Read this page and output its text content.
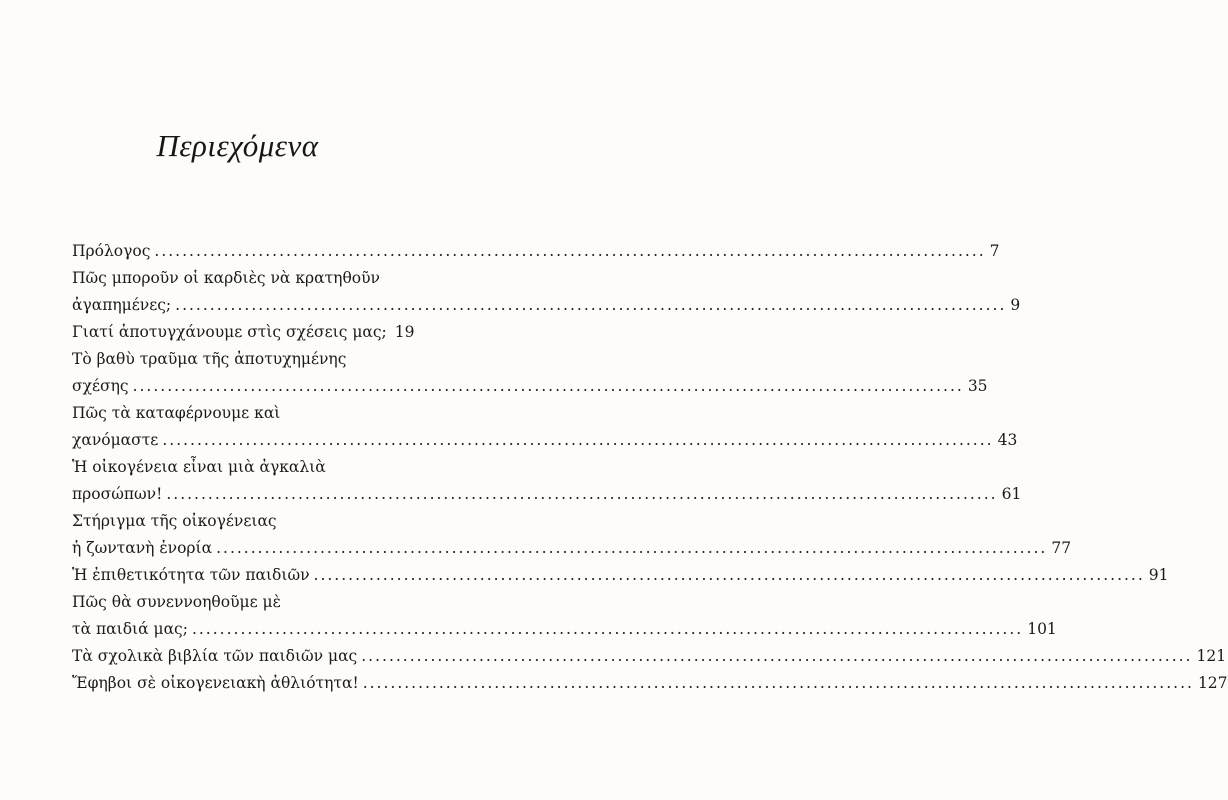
Περιεχόμενα
Πρόλογος ........................................................................................................................ 7
Πῶς μποροῦν οἱ καρδιὲς νὰ κρατηθοῦν
ἀγαπημένες; ........................................................................................................................ 9
Γιατί ἀποτυγχάνουμε στὶς σχέσεις μας; 19
Τὸ βαθὺ τραῦμα τῆς ἀποτυχημένης
σχέσης ........................................................................................................................ 35
Πῶς τὰ καταφέρνουμε καὶ
χανόμαστε ........................................................................................................................ 43
Ἡ οἰκογένεια εἶναι μιὰ ἀγκαλιὰ
προσώπων! ........................................................................................................................ 61
Στήριγμα τῆς οἰκογένειας
ἡ ζωντανὴ ἐνορία ........................................................................................................................ 77
Ἡ ἐπιθετικότητα τῶν παιδιῶν ........................................................................................................................ 91
Πῶς θὰ συνεννοηθοῦμε μὲ
τὰ παιδιά μας; ........................................................................................................................ 101
Τὰ σχολικὰ βιβλία τῶν παιδιῶν μας ........................................................................................................................ 121
Ἔφηβοι σὲ οἰκογενειακὴ ἀθλιότητα! ........................................................................................................................ 127
